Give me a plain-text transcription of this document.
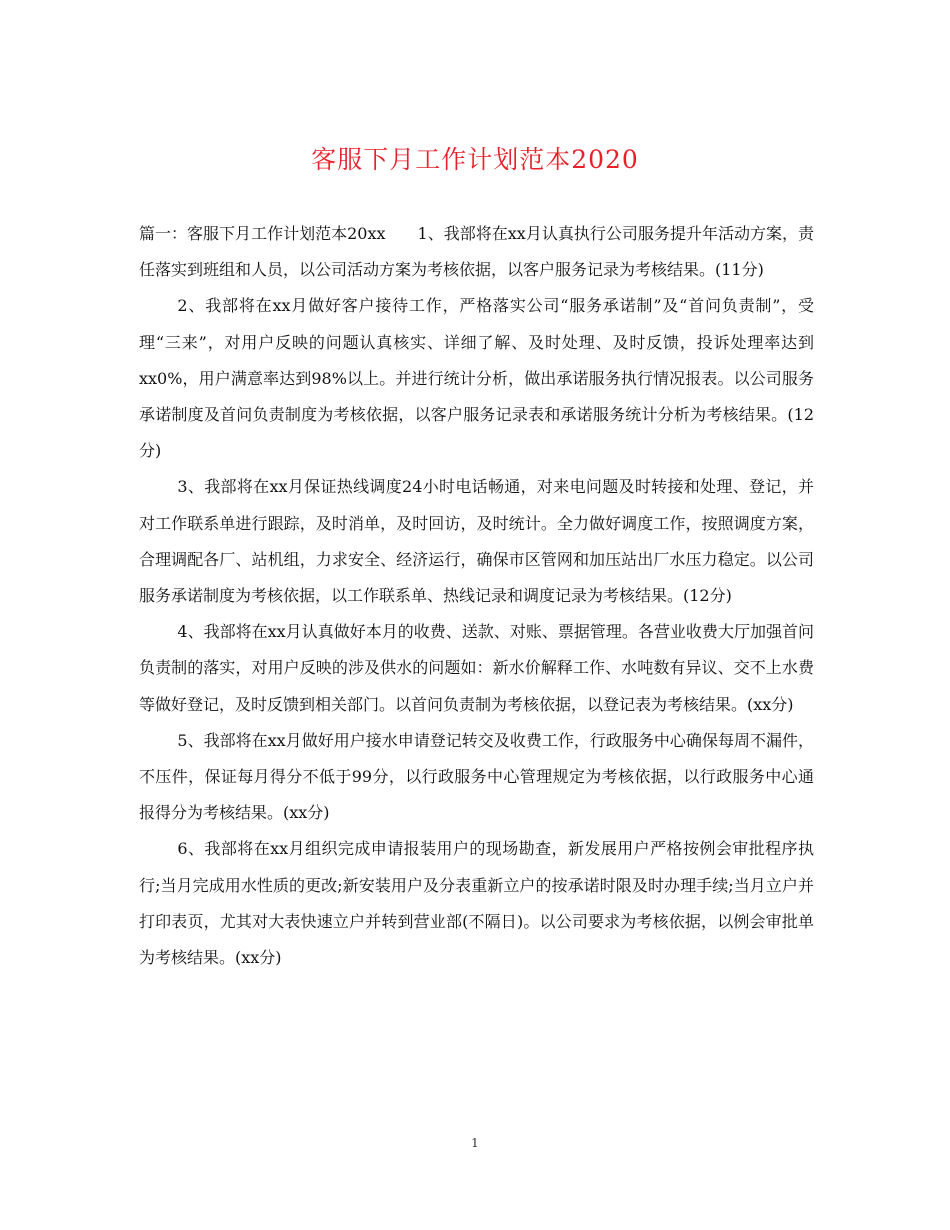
客服下月工作计划范本2020

篇一：客服下月工作计划范本20xx　　1、我部将在xx月认真执行公司服务提升年活动方案，责任落实到班组和人员，以公司活动方案为考核依据，以客户服务记录为考核结果。(11分)

2、我部将在xx月做好客户接待工作，严格落实公司“服务承诺制”及“首问负责制”，受理“三来”，对用户反映的问题认真核实、详细了解、及时处理、及时反馈，投诉处理率达到xx0%，用户满意率达到98%以上。并进行统计分析，做出承诺服务执行情况报表。以公司服务承诺制度及首问负责制度为考核依据，以客户服务记录表和承诺服务统计分析为考核结果。(12分)

3、我部将在xx月保证热线调度24小时电话畅通，对来电问题及时转接和处理、登记，并对工作联系单进行跟踪，及时消单，及时回访，及时统计。全力做好调度工作，按照调度方案，合理调配各厂、站机组，力求安全、经济运行，确保市区管网和加压站出厂水压力稳定。以公司服务承诺制度为考核依据，以工作联系单、热线记录和调度记录为考核结果。(12分)

4、我部将在xx月认真做好本月的收费、送款、对账、票据管理。各营业收费大厅加强首问负责制的落实，对用户反映的涉及供水的问题如：新水价解释工作、水吨数有异议、交不上水费等做好登记，及时反馈到相关部门。以首问负责制为考核依据，以登记表为考核结果。(xx分)

5、我部将在xx月做好用户接水申请登记转交及收费工作，行政服务中心确保每周不漏件，不压件，保证每月得分不低于99分，以行政服务中心管理规定为考核依据，以行政服务中心通报得分为考核结果。(xx分)

6、我部将在xx月组织完成申请报装用户的现场勘查，新发展用户严格按例会审批程序执行;当月完成用水性质的更改;新安装用户及分表重新立户的按承诺时限及时办理手续;当月立户并打印表页，尤其对大表快速立户并转到营业部(不隔日)。以公司要求为考核依据，以例会审批单为考核结果。(xx分)

1
